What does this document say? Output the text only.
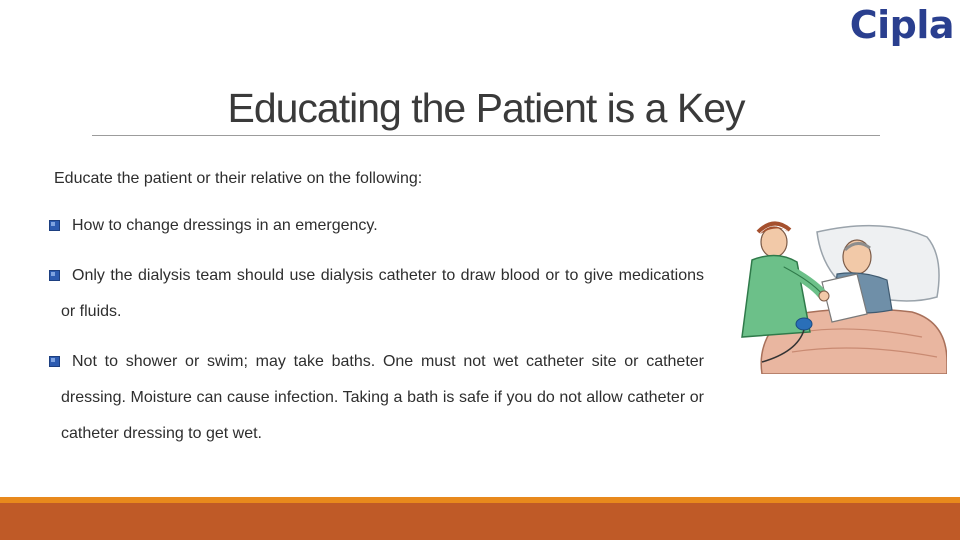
Cipla
Educating the Patient is a Key
Educate the patient or their relative on the following:
How to change dressings in an emergency.
Only the dialysis team should use dialysis catheter to draw blood or to give medications or fluids.
Not to shower or swim; may take baths. One must not wet catheter site or catheter dressing. Moisture can cause infection. Taking a bath is safe if you do not allow catheter or catheter dressing to get wet.
